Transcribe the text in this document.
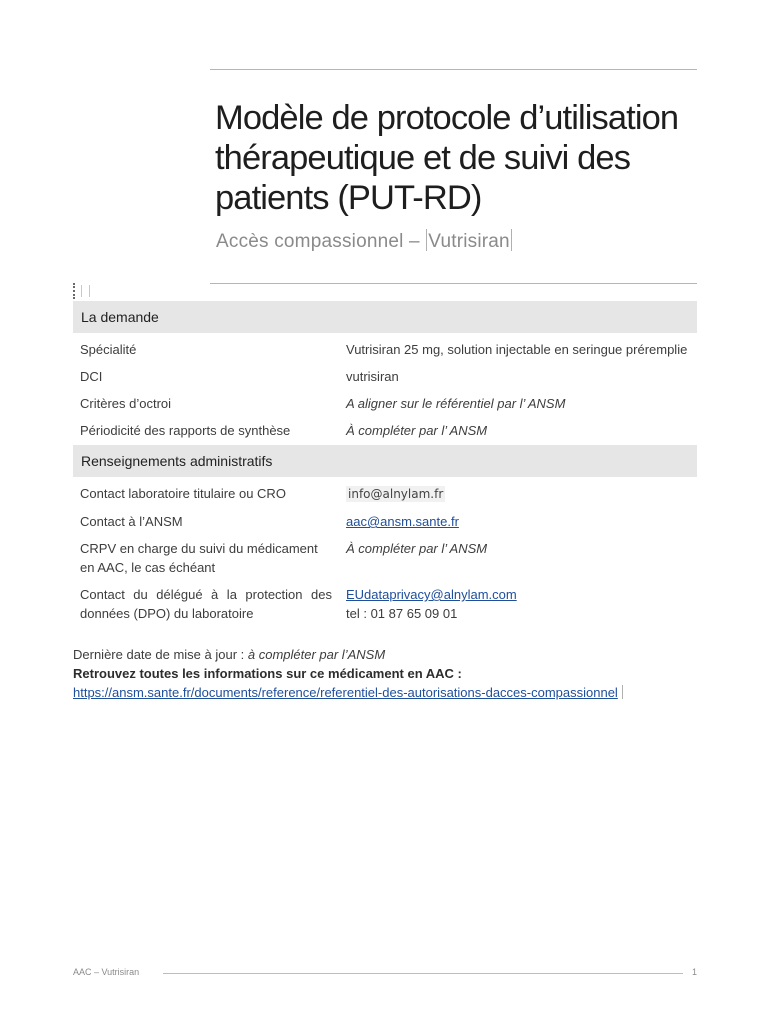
Modèle de protocole d’utilisation thérapeutique et de suivi des patients (PUT-RD)
Accès compassionnel – Vutrisiran
La demande	
Spécialité	Vutrisiran 25 mg, solution injectable en seringue préremplie
DCI	vutrisiran
Critères d’octroi	A aligner sur le référentiel par l’ ANSM
Périodicité des rapports de synthèse	À compléter par l’ ANSM
Renseignements administratifs	
Contact laboratoire titulaire ou CRO	info@alnylam.fr
Contact à l’ANSM	aac@ansm.sante.fr
CRPV en charge du suivi du médicament en AAC, le cas échéant	À compléter par l’ ANSM
Contact du délégué à la protection des données (DPO) du laboratoire	EUdataprivacy@alnylam.com
tel : 01 87 65 09 01
Dernière date de mise à jour : à compléter par l’ANSM
Retrouvez toutes les informations sur ce médicament en AAC :
https://ansm.sante.fr/documents/reference/referentiel-des-autorisations-dacces-compassionnel
AAC – Vutrisiran	1
